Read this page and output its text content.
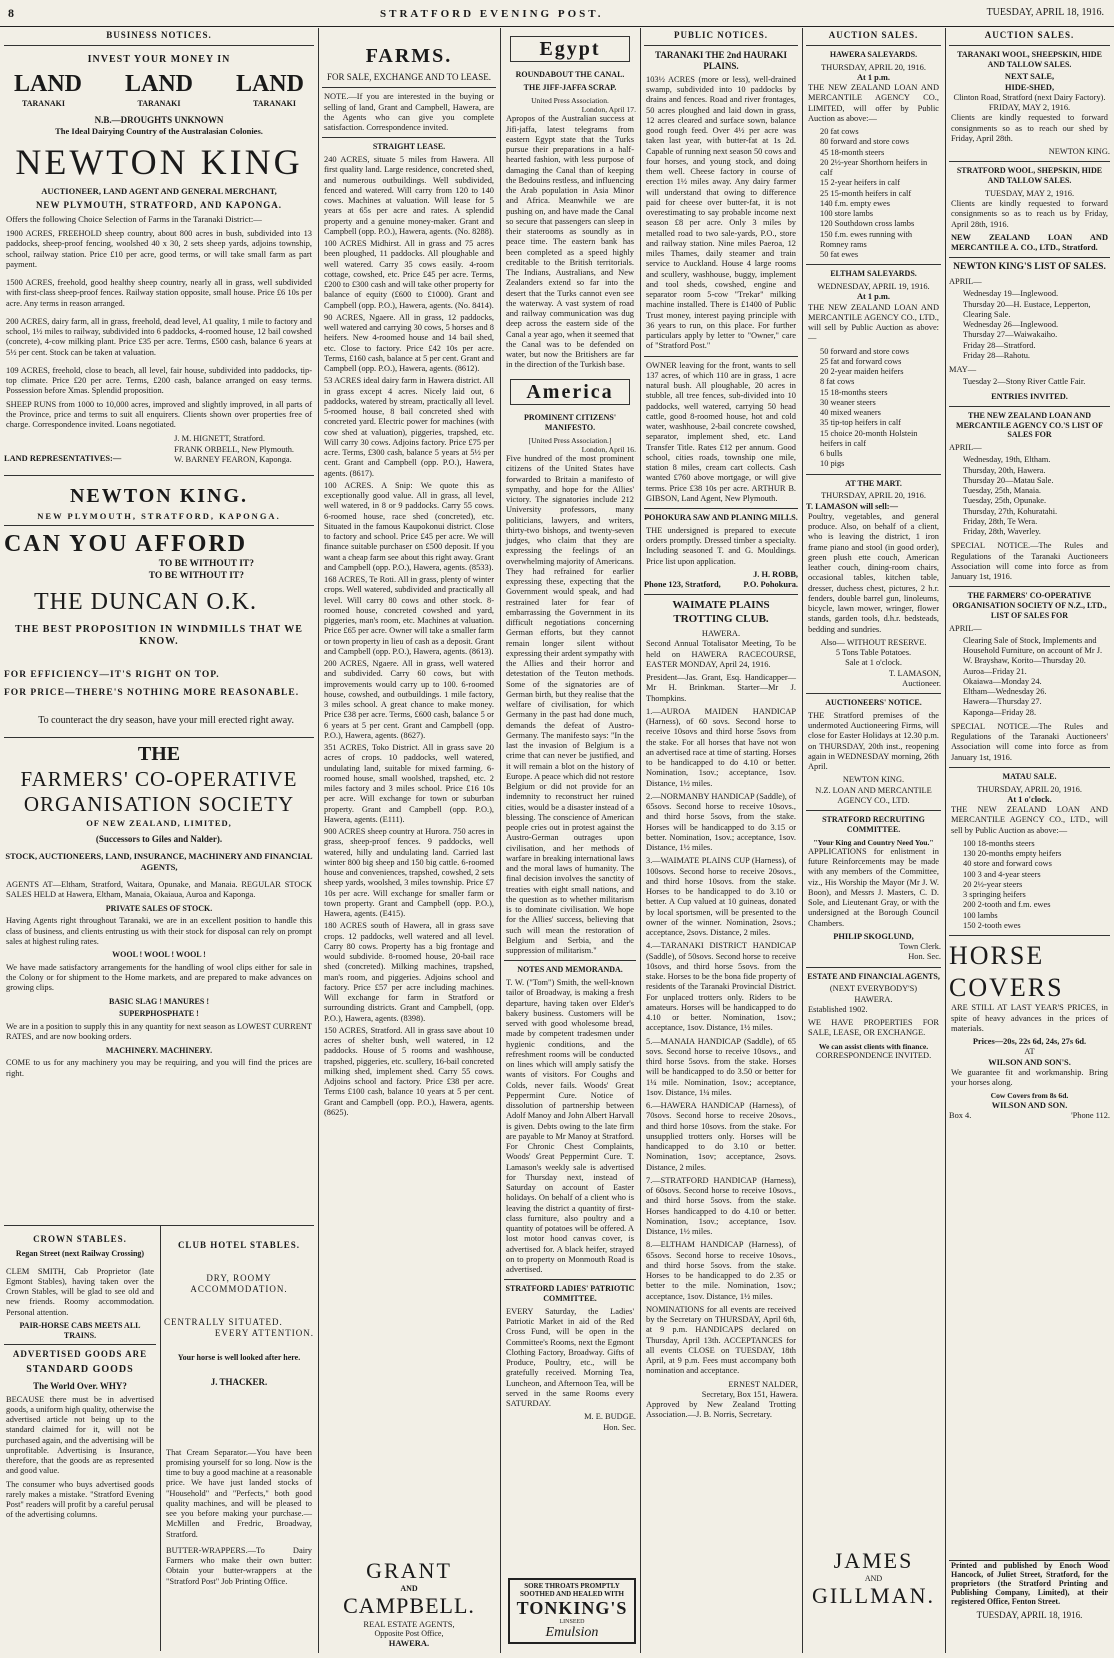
8	STRATFORD EVENING POST.	TUESDAY, APRIL 18, 1916.
BUSINESS NOTICES.
INVEST YOUR MONEY IN
LAND LAND LAND
TARANAKI	TARANAKI	TARANAKI
N.B.—DROUGHTS UNKNOWN
The Ideal Dairying Country of the Australasian Colonies.
NEWTON KING
AUCTIONEER, LAND AGENT AND GENERAL MERCHANT,
NEW PLYMOUTH, STRATFORD, AND KAPONGA.
Offers the following Choice Selection of Farms in the Taranaki District:—
1900 ACRES, FREEHOLD sheep country, about 800 acres in bush, subdivided into 13 paddocks, sheep-proof fencing, woolshed 40 x 30, 2 sets sheep yards, adjoins township, school, railway station. Price £10 per acre, good terms, or will take small farm as part payment.
1500 ACRES, freehold, good healthy sheep country, nearly all in grass, well subdivided with first-class sheep-proof fences. Railway station opposite, small house. Price £6 10s per acre. Any terms in reason arranged.
200 ACRES, dairy farm, all in grass, freehold, dead level, A1 quality, 1 mile to factory and school, 1½ miles to railway, subdivided into 6 paddocks, 4-roomed house, 12 bail cowshed (concrete), 4-cow milking plant. Price £35 per acre. Terms, £500 cash, balance 6 years at 5½ per cent. Stock can be taken at valuation.
109 ACRES, freehold, close to beach, all level, fair house, subdivided into paddocks, tip-top climate. Price £20 per acre. Terms, £200 cash, balance arranged on easy terms. Possession before Xmas. Splendid proposition.
SHEEP RUNS from 1000 to 10,000 acres, improved and slightly improved, in all parts of the Province, price and terms to suit all enquirers. Clients shown over properties free of charge. Correspondence invited. Loans negotiated.
LAND REPRESENTATIVES:—
J. M. HIGNETT, Stratford.
FRANK ORBELL, New Plymouth.
W. BARNEY FEARON, Kaponga.
NEWTON KING.
NEW PLYMOUTH, STRATFORD, KAPONGA.
CAN YOU AFFORD
TO BE WITHOUT IT?
TO BE WITHOUT IT?
THE DUNCAN O.K.
THE BEST PROPOSITION IN WINDMILLS THAT WE KNOW.
FOR EFFICIENCY—IT'S RIGHT ON TOP.
FOR PRICE—THERE'S NOTHING MORE REASONABLE.
To counteract the dry season, have your mill erected right away.
THE
FARMERS' CO-OPERATIVE
ORGANISATION SOCIETY
OF NEW ZEALAND, LIMITED,
(Successors to Giles and Nalder).
STOCK, AUCTIONEERS, LAND, INSURANCE, MACHINERY AND FINANCIAL AGENTS,
AGENTS AT—Eltham, Stratford, Waitara, Opunake, and Manaia. REGULAR STOCK SALES HELD at Hawera, Eltham, Manaia, Okaiaua, Auroa and Kaponga.
PRIVATE SALES OF STOCK.
Having Agents right throughout Taranaki, we are in an excellent position to handle this class of business, and clients entrusting us with their stock for disposal can rely on prompt sales at highest ruling rates.
WOOL ! WOOL ! WOOL !
We have made satisfactory arrangements for the handling of wool clips either for sale in the Colony or for shipment to the Home markets, and are prepared to make advances on growing clips.
BASIC SLAG ! MANURES !
SUPERPHOSPHATE !
We are in a position to supply this in any quantity for next season as LOWEST CURRENT RATES, and are now booking orders.
MACHINERY. MACHINERY.
COME to us for any machinery you may be requiring, and you will find the prices are right.
CROWN STABLES.
Regan Street (next Railway Crossing)
CLEM SMITH, Cab Proprietor (late Egmont Stables), having taken over the Crown Stables, will be glad to see old and new friends. Roomy accommodation. Personal attention.
PAIR-HORSE CABS MEETS ALL TRAINS.
ADVERTISED GOODS ARE
STANDARD GOODS
The World Over. WHY?
BECAUSE there must be in advertised goods, a uniform high quality, otherwise the advertised article not being up to the standard claimed for it, will not be purchased again, and the advertising will be unprofitable. Advertising is Insurance, therefore, that the goods are as represented and good value.
The consumer who buys advertised goods rarely makes a mistake. "Stratford Evening Post" readers will profit by a careful perusal of the advertising columns.
CLUB HOTEL STABLES.
DRY, ROOMY ACCOMMODATION.
CENTRALLY SITUATED.
EVERY ATTENTION.
Your horse is well looked after here.
J. THACKER.
That Cream Separator.—You have been promising yourself for so long. Now is the time to buy a good machine at a reasonable price. We have just landed stocks of "Household" and "Perfects," both good quality machines, and will be pleased to see you before making your purchase.—McMillen and Fredric, Broadway, Stratford.
BUTTER-WRAPPERS.—To Dairy Farmers who make their own butter: Obtain your butter-wrappers at the "Stratford Post" Job Printing Office.
FARMS.
FOR SALE, EXCHANGE AND TO LEASE.
NOTE.—If you are interested in the buying or selling of land, Grant and Campbell, Hawera, are the Agents who can give you complete satisfaction. Correspondence invited.
STRAIGHT LEASE.
240 ACRES, situate 5 miles from Hawera. All first quality land. Large residence, concreted shed, and numerous outbuildings. Well subdivided, fenced and watered. Will carry from 120 to 140 cows. Machines at valuation. Will lease for 5 years at 65s per acre and rates. A splendid property and a genuine money-maker. Grant and Campbell (opp. P.O.), Hawera, agents. (No. 8288).
100 ACRES Midhirst. All in grass and 75 acres been ploughed, 11 paddocks. All ploughable and well watered. Carry 35 cows easily. 4-room cottage, cowshed, etc. Price £45 per acre. Terms, £200 to £300 cash and will take other property for balance of equity (£600 to £1000). Grant and Campbell (opp. P.O.), Hawera, agents. (No. 8414).
90 ACRES, Ngaere. All in grass, 12 paddocks, well watered and carrying 30 cows, 5 horses and 8 heifers. New 4-roomed house and 14 bail shed, etc. Close to factory. Price £42 10s per acre. Terms, £160 cash, balance at 5 per cent. Grant and Campbell (opp. P.O.), Hawera, agents. (8612).
53 ACRES ideal dairy farm in Hawera district. All in grass except 4 acres. Nicely laid out, 6 paddocks, watered by stream, practically all level. 5-roomed house, 8 bail concreted shed with concreted yard. Electric power for machines (with cow shed at valuation), piggeries, trapshed, etc. Will carry 30 cows. Adjoins factory. Price £75 per acre. Terms, £300 cash, balance 5 years at 5½ per cent. Grant and Campbell (opp. P.O.), Hawera, agents. (8617).
100 ACRES. A Snip: We quote this as exceptionally good value. All in grass, all level, well watered, in 8 or 9 paddocks. Carry 55 cows. 6-roomed house, race shed (concreted), etc. Situated in the famous Kaupokonui district. Close to factory and school. Price £45 per acre. We will finance suitable purchaser on £500 deposit. If you want a cheap farm see about this right away. Grant and Campbell (opp. P.O.), Hawera, agents. (8533).
168 ACRES, Te Roti. All in grass, plenty of winter crops. Well watered, subdivided and practically all level. Will carry 80 cows and other stock. 8-roomed house, concreted cowshed and yard, piggeries, man's room, etc. Machines at valuation. Price £65 per acre. Owner will take a smaller farm or town property in lieu of cash as a deposit. Grant and Campbell (opp. P.O.), Hawera, agents. (8613).
200 ACRES, Ngaere. All in grass, well watered and subdivided. Carry 60 cows, but with improvements would carry up to 100. 6-roomed house, cowshed, and outbuildings. 1 mile factory, 3 miles school. A great chance to make money. Price £38 per acre. Terms, £600 cash, balance 5 or 6 years at 5 per cent. Grant and Campbell (opp. P.O.), Hawera, agents. (8627).
351 ACRES, Toko District. All in grass save 20 acres of crops. 10 paddocks, well watered, undulating land, suitable for mixed farming. 6-roomed house, small woolshed, trapshed, etc. 2 miles factory and 3 miles school. Price £16 10s per acre. Will exchange for town or suburban property. Grant and Campbell (opp. P.O.), Hawera, agents. (E111).
900 ACRES sheep country at Hurora. 750 acres in grass, sheep-proof fences. 9 paddocks, well watered, hilly and undulating land. Carried last winter 800 big sheep and 150 big cattle. 6-roomed house and conveniences, trapshed, cowshed, 2 sets sheep yards, woolshed, 3 miles township. Price £7 10s per acre. Will exchange for smaller farm or town property. Grant and Campbell (opp. P.O.), Hawera, agents. (E415).
180 ACRES south of Hawera, all in grass save crops. 12 paddocks, well watered and all level. Carry 80 cows. Property has a big frontage and would subdivide. 8-roomed house, 20-bail race shed (concreted). Milking machines, trapshed, man's room, and piggeries. Adjoins school and factory. Price £57 per acre including machines. Will exchange for farm in Stratford or surrounding districts. Grant and Campbell, (opp. P.O.), Hawera, agents. (8398).
150 ACRES, Stratford. All in grass save about 10 acres of shelter bush, well watered, in 12 paddocks. House of 5 rooms and washhouse, trapshed, piggeries, etc. scullery, 16-bail concreted milking shed, implement shed. Carry 55 cows. Adjoins school and factory. Price £38 per acre. Terms £100 cash, balance 10 years at 5 per cent. Grant and Campbell (opp. P.O.), Hawera, agents. (8625).
GRANT
AND
CAMPBELL.
REAL ESTATE AGENTS,
Opposite Post Office,
HAWERA.
Egypt
ROUNDABOUT THE CANAL.
THE JIFF-JAFFA SCRAP.
United Press Association.
London, April 17.
Apropos of the Australian success at Jifi-jaffa, latest telegrams from eastern Egypt state that the Turks pursue their preparations in a half-hearted fashion, with less purpose of damaging the Canal than of keeping the Bedouins restless, and influencing the Arab population in Asia Minor and Africa. Meanwhile we are pushing on, and have made the Canal so secure that passengers can sleep in their staterooms as soundly as in peace time. The eastern bank has been completed as a speed highly creditable to the British territorials. The Indians, Australians, and New Zealanders extend so far into the desert that the Turks cannot even see the waterway. A vast system of road and railway communication was dug deep across the eastern side of the Canal a year ago, when it seemed that the Canal was to be defended on water, but now the Britishers are far in the direction of the Turkish base.
America
PROMINENT CITIZENS' MANIFESTO.
[United Press Association.]
London, April 16.
Five hundred of the most prominent citizens of the United States have forwarded to Britain a manifesto of sympathy, and hope for the Allies' victory. The signatories include 212 University professors, many politicians, lawyers, and writers, thirty-two bishops, and twenty-seven judges, who claim that they are expressing the feelings of an overwhelming majority of Americans. They had refrained for earlier expressing these, expecting that the Government would speak, and had restrained later for fear of embarrassing the Government in its difficult negotiations concerning German efforts, but they cannot remain longer silent without expressing their ardent sympathy with the Allies and their horror and detestation of the Teuton methods. Some of the signatories are of German birth, but they realise that the welfare of civilisation, for which Germany in the past had done much, demands the defeat of Austro-Germany. The manifesto says: "In the last the invasion of Belgium is a crime that can never be justified, and it will remain a blot on the history of Europe. A peace which did not restore Belgium or did not provide for an indemnity to reconstruct her ruined cities, would be a disaster instead of a blessing. The conscience of American people cries out in protest against the Austro-German outrages upon civilisation, and her methods of warfare in breaking international laws and the moral laws of humanity. The final decision involves the sanctity of treaties with eight small nations, and the question as to whether militarism is to dominate civilisation. We hope for the Allies' success, believing that such will mean the restoration of Belgium and Serbia, and the suppression of militarism."
NOTES AND MEMORANDA.
T. W. ("Tom") Smith, the well-known tailor of Broadway, is making a fresh departure, having taken over Elder's bakery business. Customers will be served with good wholesome bread, made by competent tradesmen under hygienic conditions, and the refreshment rooms will be conducted on lines which will amply satisfy the wants of visitors. For Coughs and Colds, never fails. Woods' Great Peppermint Cure. Notice of dissolution of partnership between Adolf Manoy and John Albert Harvall is given. Debts owing to the late firm are payable to Mr Manoy at Stratford. For Chronic Chest Complaints, Woods' Great Peppermint Cure. T. Lamason's weekly sale is advertised for Thursday next, instead of Saturday on account of Easter holidays. On behalf of a client who is leaving the district a quantity of first-class furniture, also poultry and a quantity of potatoes will be offered. A lost motor hood canvas cover, is advertised for. A black heifer, strayed on to property on Monmouth Road is advertised.
STRATFORD LADIES' PATRIOTIC COMMITTEE.
EVERY Saturday, the Ladies' Patriotic Market in aid of the Red Cross Fund, will be open in the Committee's Rooms, next the Egmont Clothing Factory, Broadway. Gifts of Produce, Poultry, etc., will be gratefully received. Morning Tea, Luncheon, and Afternoon Tea, will be served in the same Rooms every SATURDAY.
M. E. BUDGE.
Hon. Sec.
SORE THROATS PROMPTLY SOOTHED AND HEALED WITH
TONKING'S
LINSEED
Emulsion
PUBLIC NOTICES.
TARANAKI THE 2nd HAURAKI PLAINS.
103½ ACRES (more or less), well-drained swamp, subdivided into 10 paddocks by drains and fences. Road and river frontages, 50 acres ploughed and laid down in grass, 12 acres cleared and surface sown, balance good rough feed. Over 4½ per acre was taken last year, with butter-fat at 1s 2d. Capable of running next season 50 cows and four horses, and young stock, and doing them well. Cheese factory in course of erection 1½ miles away. Any dairy farmer will understand that owing to difference paid for cheese over butter-fat, it is not overestimating to say probable income next season £8 per acre. Only 3 miles by metalled road to two sale-yards, P.O., store and railway station. Nine miles Paeroa, 12 miles Thames, daily steamer and train service to Auckland. House 4 large rooms and scullery, washhouse, buggy, implement and tool sheds, cowshed, engine and separator room 5-cow "Trekar" milking machine installed. There is £1400 of Public Trust money, interest paying principle with 36 years to run, on this place. For further particulars apply by letter to "Owner," care of "Stratford Post."
OWNER leaving for the front, wants to sell 137 acres, of which 110 are in grass, 1 acre natural bush. All ploughable, 20 acres in stubble, all tree fences, sub-divided into 10 paddocks, well watered, carrying 50 head cattle, good 8-roomed house, hot and cold water, washhouse, 2-bail concrete cowshed, separator, implement shed, etc. Land Transfer Title. Rates £12 per annum. Good school, cities roads, township one mile, station 8 miles, cream cart collects. Cash wanted £760 above mortgage, or will give terms. Price £38 10s per acre. ARTHUR B. GIBSON, Land Agent, New Plymouth.
POHOKURA SAW AND PLANING MILLS.
THE undersigned is prepared to execute orders promptly. Dressed timber a specialty. Including seasoned T. and G. Mouldings. Price list upon application.
J. H. ROBB,
Phone 123, Stratford,	P.O. Pohokura.
WAIMATE PLAINS TROTTING CLUB.
HAWERA.
Second Annual Totalisator Meeting, To be held on HAWERA RACECOURSE, EASTER MONDAY, April 24, 1916.
President—Jas. Grant, Esq. Handicapper—Mr H. Brinkman. Starter—Mr J. Thompkins.
1.—AUROA MAIDEN HANDICAP (Harness), of 60 sovs. Second horse to receive 10sovs and third horse 5sovs from the stake. For all horses that have not won an advertised race at time of starting. Horses to be handicapped to do 4.10 or better. Nomination, 1sov.; acceptance, 1sov. Distance, 1½ miles.
2.—NORMANBY HANDICAP (Saddle), of 65sovs. Second horse to receive 10sovs., and third horse 5sovs, from the stake. Horses will be handicapped to do 3.15 or better. Nomination, 1sov.; acceptance, 1sov. Distance, 1½ miles.
3.—WAIMATE PLAINS CUP (Harness), of 100sovs. Second horse to receive 20sovs., and third horse 10sovs. from the stake. Horses to be handicapped to do 3.10 or better. A Cup valued at 10 guineas, donated by local sportsmen, will be presented to the owner of the winner. Nomination, 2sovs.; acceptance, 2sovs. Distance, 2 miles.
4.—TARANAKI DISTRICT HANDICAP (Saddle), of 50sovs. Second horse to receive 10sovs, and third horse 5sovs. from the stake. Horses to be the bona fide property of residents of the Taranaki Provincial District. For unplaced trotters only. Riders to be amateurs. Horses will be handicapped to do 4.10 or better. Nomination, 1sov.; acceptance, 1sov. Distance, 1½ miles.
5.—MANAIA HANDICAP (Saddle), of 65 sovs. Second horse to receive 10sovs., and third horse 5sovs. from the stake. Horses will be handicapped to do 3.50 or better for 1¼ mile. Nomination, 1sov.; acceptance, 1sov. Distance, 1¼ miles.
6.—HAWERA HANDICAP (Harness), of 70sovs. Second horse to receive 20sovs., and third horse 10sovs. from the stake. For unsupplied trotters only. Horses will be handicapped to do 3.10 or better. Nomination, 1sov; acceptance, 2sovs. Distance, 2 miles.
7.—STRATFORD HANDICAP (Harness), of 60sovs. Second horse to receive 10sovs., and third horse 5sovs. from the stake. Horses handicapped to do 4.10 or better. Nomination, 1sov.; acceptance, 1sov. Distance, 1½ miles.
8.—ELTHAM HANDICAP (Harness), of 65sovs. Second horse to receive 10sovs., and third horse 5sovs. from the stake. Horses to be handicapped to do 2.35 or better to the mile. Nomination, 1sov.; acceptance, 1sov. Distance, 1½ miles.
NOMINATIONS for all events are received by the Secretary on THURSDAY, April 6th, at 9 p.m. HANDICAPS declared on Thursday, April 13th. ACCEPTANCES for all events CLOSE on TUESDAY, 18th April, at 9 p.m. Fees must accompany both nomination and acceptance.
ERNEST NALDER,
Secretary, Box 151, Hawera.
Approved by New Zealand Trotting Association.—J. B. Norris, Secretary.
AUCTION SALES.
HAWERA SALEYARDS.
THURSDAY, APRIL 20, 1916.
At 1 p.m.
THE NEW ZEALAND LOAN AND MERCANTILE AGENCY CO., LIMITED, will offer by Public Auction as above:—
20 fat cows
80 forward and store cows
45 18-month steers
20 2½-year Shorthorn heifers in calf
15 2-year heifers in calf
25 15-month heifers in calf
140 f.m. empty ewes
100 store lambs
120 Southdown cross lambs
150 f.m. ewes running with Romney rams
50 fat ewes
ELTHAM SALEYARDS.
WEDNESDAY, APRIL 19, 1916.
At 1 p.m.
THE NEW ZEALAND LOAN AND MERCANTILE AGENCY CO., LTD., will sell by Public Auction as above:—
50 forward and store cows
25 fat and forward cows
20 2-year maiden heifers
8 fat cows
15 18-months steers
30 weaner steers
40 mixed weaners
35 tip-top heifers in calf
15 choice 20-month Holstein heifers in calf
6 bulls
10 pigs
AT THE MART.
THURSDAY, APRIL 20, 1916.
T. LAMASON will sell:—
Poultry, vegetables, and general produce. Also, on behalf of a client, who is leaving the district, 1 iron frame piano and stool (in good order), green plush ette couch, American leather couch, dining-room chairs, occasional tables, kitchen table, dresser, duchess chest, pictures, 2 h.r. fenders, double barrel gun, linoleums, bicycle, lawn mower, wringer, flower stands, garden tools, d.h.r. bedsteads, bedding and sundries.
Also— WITHOUT RESERVE.
5 Tons Table Potatoes.
Sale at 1 o'clock.
T. LAMASON,
Auctioneer.
AUCTIONEERS' NOTICE.
THE Stratford premises of the undermoted Auctioneering Firms, will close for Easter Holidays at 12.30 p.m. on THURSDAY, 20th inst., reopening again in WEDNESDAY morning, 26th April.
NEWTON KING.
N.Z. LOAN AND MERCANTILE AGENCY CO., LTD.
STRATFORD RECRUITING COMMITTEE.
"Your King and Country Need You."
APPLICATIONS for enlistment in future Reinforcements may be made with any members of the Committee, viz., His Worship the Mayor (Mr J. W. Boon), and Messrs J. Masters, C. D. Sole, and Lieutenant Gray, or with the undersigned at the Borough Council Chambers.
PHILIP SKOGLUND,
Town Clerk.
Hon. Sec.
ESTATE AND FINANCIAL AGENTS,
(NEXT EVERYBODY'S)
HAWERA.
Established 1902.
WE HAVE PROPERTIES FOR SALE, LEASE, OR EXCHANGE.
We can assist clients with finance.
CORRESPONDENCE INVITED.
JAMES
AND
GILLMAN.
AUCTION SALES.
TARANAKI WOOL, SHEEPSKIN, HIDE AND TALLOW SALES.
NEXT SALE,
HIDE-SHED,
Clinton Road, Stratford (next Dairy Factory).
FRIDAY, MAY 2, 1916.
Clients are kindly requested to forward consignments so as to reach our shed by Friday, April 28th.
NEWTON KING.
STRATFORD WOOL, SHEPSKIN, HIDE AND TALLOW SALES.
TUESDAY, MAY 2, 1916.
Clients are kindly requested to forward consignments so as to reach us by Friday, April 28th, 1916.
NEW ZEALAND LOAN AND MERCANTILE A. CO., LTD., Stratford.
NEWTON KING'S LIST OF SALES.
APRIL—
Wednesday 19—Inglewood.
Thursday 20—H. Eustace, Lepperton, Clearing Sale.
Wednesday 26—Inglewood.
Thursday 27—Waiwakaiho.
Friday 28—Stratford.
Friday 28—Rahotu.
MAY—
Tuesday 2—Stony River Cattle Fair.
ENTRIES INVITED.
THE NEW ZEALAND LOAN AND MERCANTILE AGENCY CO.'S LIST OF SALES FOR
APRIL—
Wednesday, 19th, Eltham.
Thursday, 20th, Hawera.
Thursday 20—Matau Sale.
Tuesday, 25th, Manaia.
Tuesday, 25th, Opunake.
Thursday, 27th, Kohuratahi.
Friday, 28th, Te Wera.
Friday, 28th, Waverley.
SPECIAL NOTICE.—The Rules and Regulations of the Taranaki Auctioneers Association will come into force as from January 1st, 1916.
THE FARMERS' CO-OPERATIVE ORGANISATION SOCIETY OF N.Z., LTD., LIST OF SALES FOR
APRIL—
Clearing Sale of Stock, Implements and Household Furniture, on account of Mr J. W. Brayshaw, Korito—Thursday 20.
Auroa—Friday 21.
Okaiawa—Monday 24.
Eltham—Wednesday 26.
Hawera—Thursday 27.
Kaponga—Friday 28.
SPECIAL NOTICE.—The Rules and Regulations of the Taranaki Auctioneers' Association will come into force as from January 1st, 1916.
MATAU SALE.
THURSDAY, APRIL 20, 1916.
At 1 o'clock.
THE NEW ZEALAND LOAN AND MERCANTILE AGENCY CO., LTD., will sell by Public Auction as above:—
100 18-months steers
130 20-months empty heifers
40 store and forward cows
100 3 and 4-year steers
20 2½-year steers
3 springing heifers
200 2-tooth and f.m. ewes
100 lambs
150 2-tooth ewes
HORSE
COVERS
ARE STILL AT LAST YEAR'S PRICES, in spite of heavy advances in the prices of materials.
Prices—20s, 22s 6d, 24s, 27s 6d.
AT
WILSON AND SON'S.
We guarantee fit and workmanship. Bring your horses along.
Cow Covers from 8s 6d.
WILSON AND SON.
Box 4.	'Phone 112.
Printed and published by Enoch Wood Hancock, of Juliet Street, Stratford, for the proprietors (the Stratford Printing and Publishing Company, Limited), at their registered Office, Fenton Street.
TUESDAY, APRIL 18, 1916.
